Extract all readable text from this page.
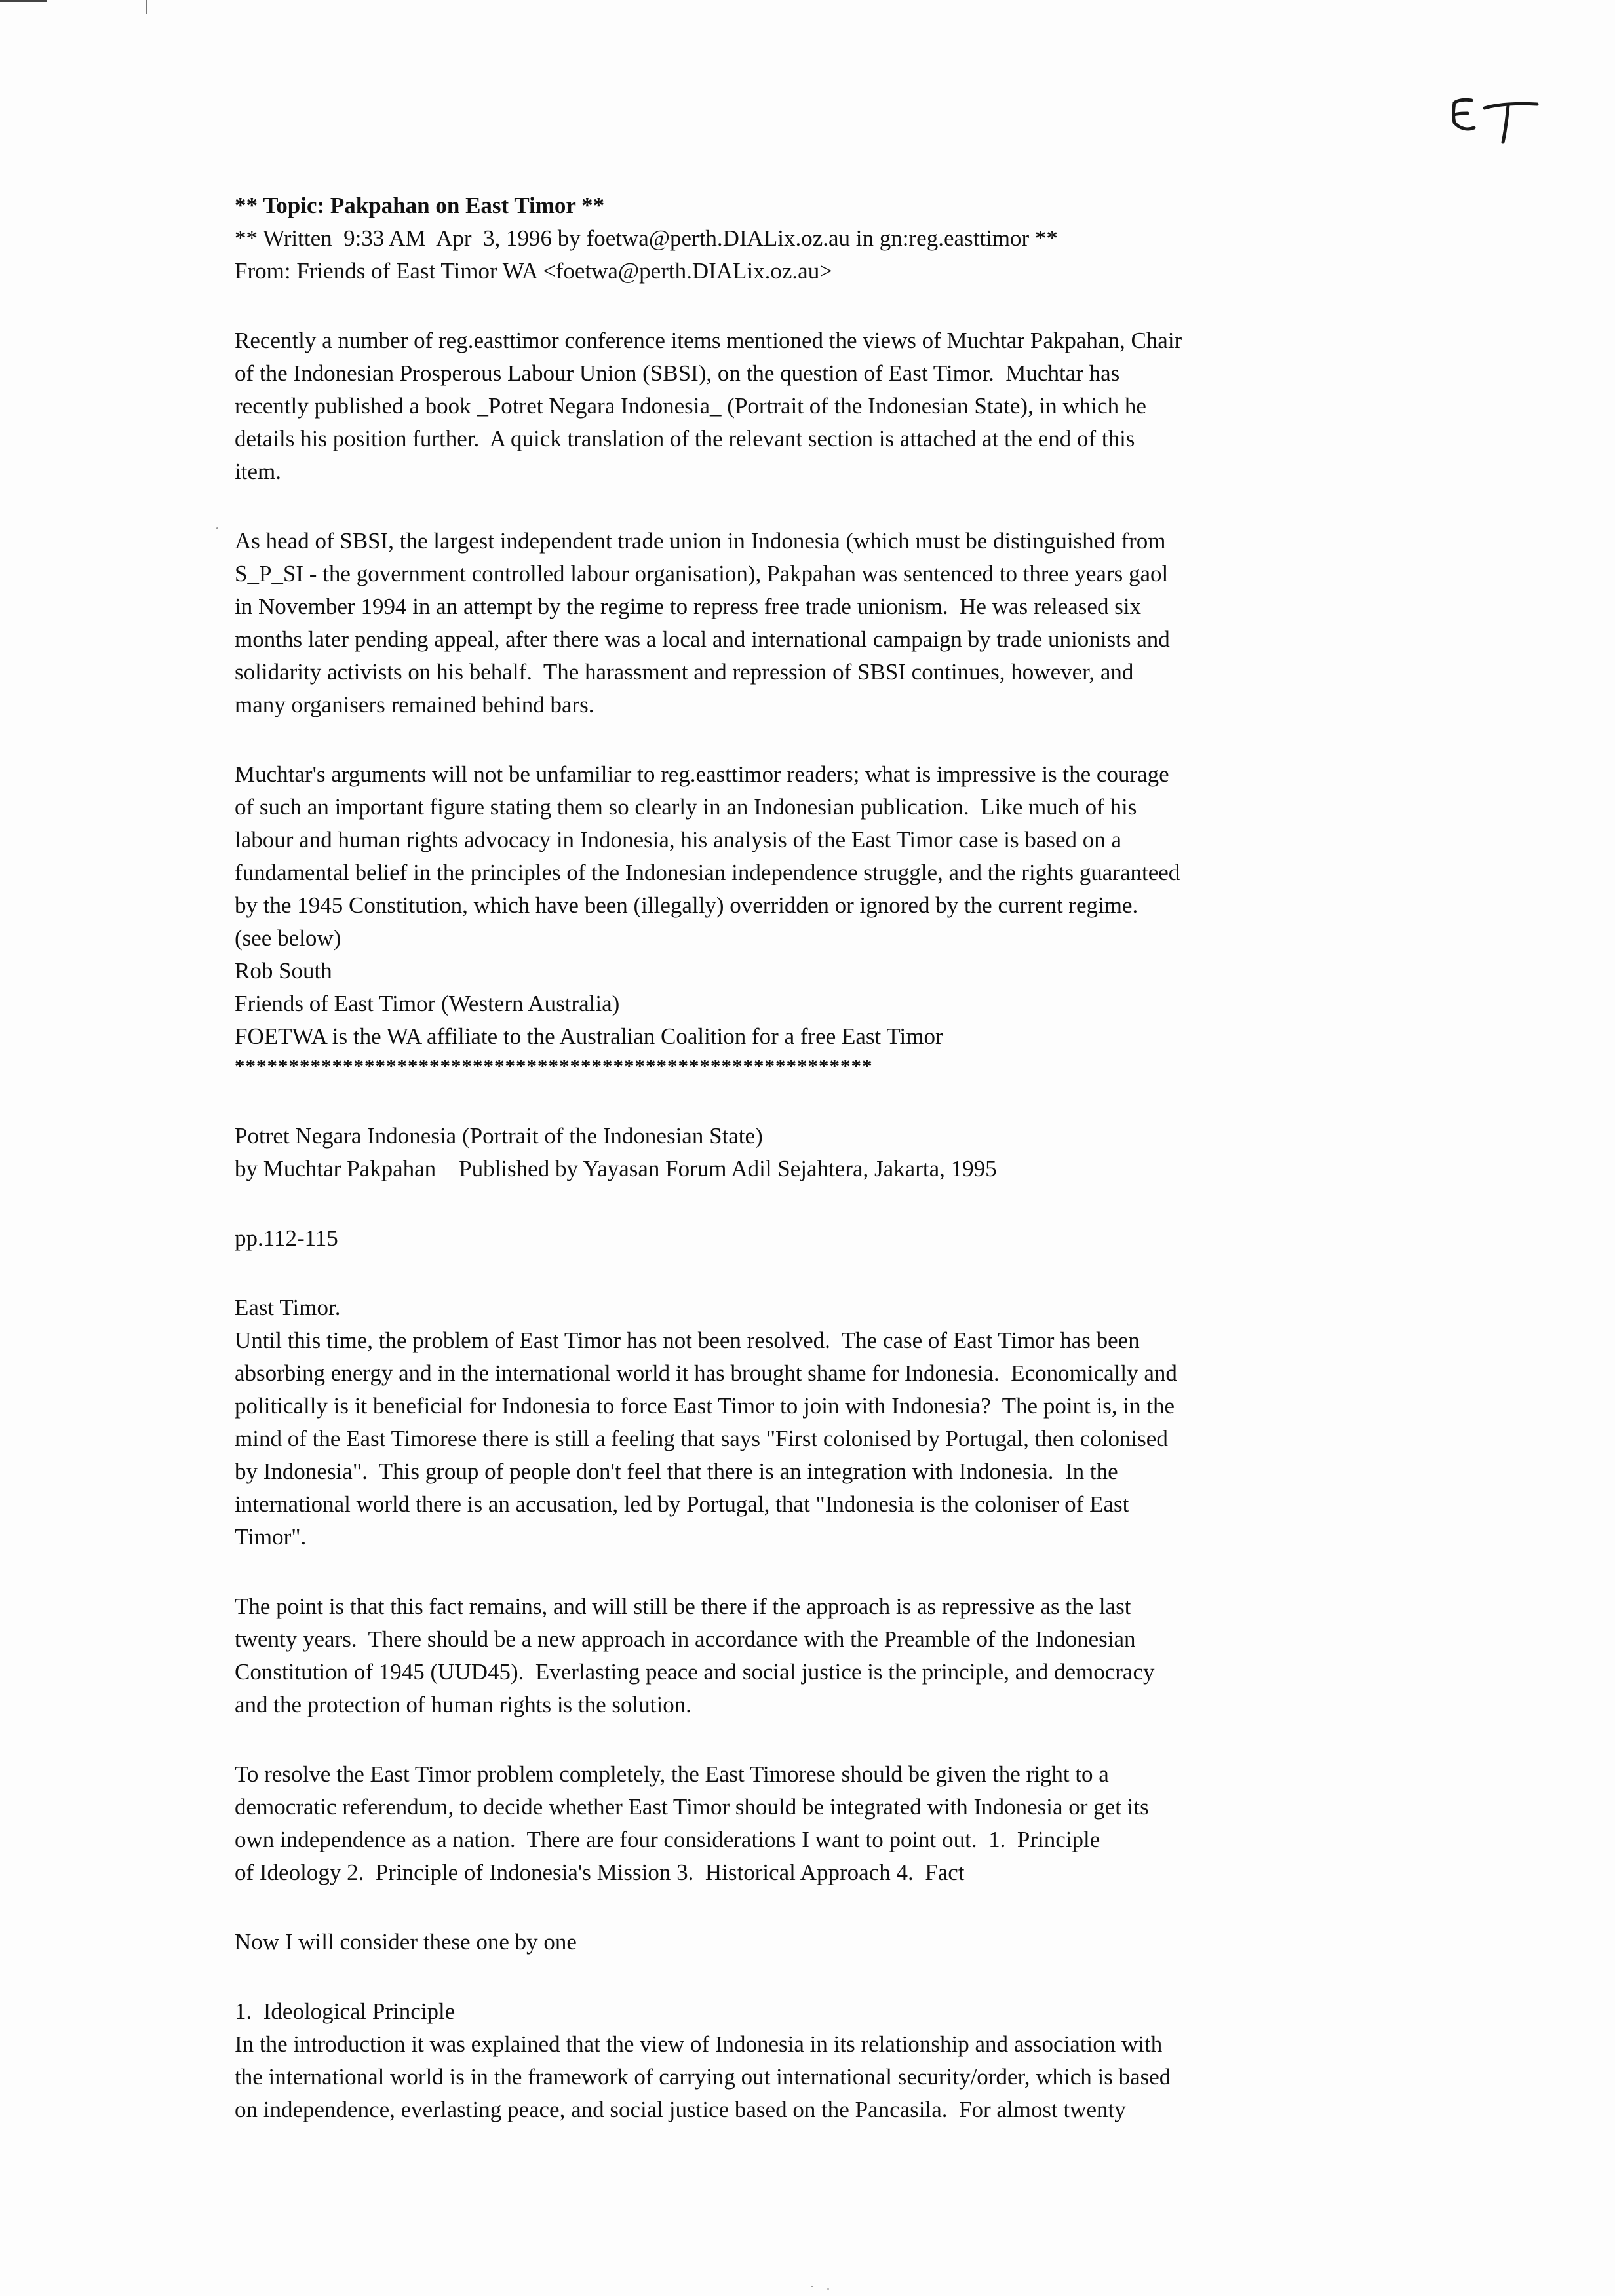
** Topic: Pakpahan on East Timor **
** Written  9:33 AM  Apr  3, 1996 by foetwa@perth.DIALix.oz.au in gn:reg.easttimor **
From: Friends of East Timor WA <foetwa@perth.DIALix.oz.au>
Recently a number of reg.easttimor conference items mentioned the views of Muchtar Pakpahan, Chair
of the Indonesian Prosperous Labour Union (SBSI), on the question of East Timor.  Muchtar has
recently published a book _Potret Negara Indonesia_ (Portrait of the Indonesian State), in which he
details his position further.  A quick translation of the relevant section is attached at the end of this
item.
As head of SBSI, the largest independent trade union in Indonesia (which must be distinguished from
S_P_SI - the government controlled labour organisation), Pakpahan was sentenced to three years gaol
in November 1994 in an attempt by the regime to repress free trade unionism.  He was released six
months later pending appeal, after there was a local and international campaign by trade unionists and
solidarity activists on his behalf.  The harassment and repression of SBSI continues, however, and
many organisers remained behind bars.
Muchtar's arguments will not be unfamiliar to reg.easttimor readers; what is impressive is the courage
of such an important figure stating them so clearly in an Indonesian publication.  Like much of his
labour and human rights advocacy in Indonesia, his analysis of the East Timor case is based on a
fundamental belief in the principles of the Indonesian independence struggle, and the rights guaranteed
by the 1945 Constitution, which have been (illegally) overridden or ignored by the current regime.
(see below)
Rob South
Friends of East Timor (Western Australia)
FOETWA is the WA affiliate to the Australian Coalition for a free East Timor
***********************************************************
Potret Negara Indonesia (Portrait of the Indonesian State)
by Muchtar Pakpahan    Published by Yayasan Forum Adil Sejahtera, Jakarta, 1995
pp.112-115
East Timor.
Until this time, the problem of East Timor has not been resolved.  The case of East Timor has been
absorbing energy and in the international world it has brought shame for Indonesia.  Economically and
politically is it beneficial for Indonesia to force East Timor to join with Indonesia?  The point is, in the
mind of the East Timorese there is still a feeling that says "First colonised by Portugal, then colonised
by Indonesia".  This group of people don't feel that there is an integration with Indonesia.  In the
international world there is an accusation, led by Portugal, that "Indonesia is the coloniser of East
Timor".
The point is that this fact remains, and will still be there if the approach is as repressive as the last
twenty years.  There should be a new approach in accordance with the Preamble of the Indonesian
Constitution of 1945 (UUD45).  Everlasting peace and social justice is the principle, and democracy
and the protection of human rights is the solution.
To resolve the East Timor problem completely, the East Timorese should be given the right to a
democratic referendum, to decide whether East Timor should be integrated with Indonesia or get its
own independence as a nation.  There are four considerations I want to point out.  1.  Principle
of Ideology 2.  Principle of Indonesia's Mission 3.  Historical Approach 4.  Fact
Now I will consider these one by one
1.  Ideological Principle
In the introduction it was explained that the view of Indonesia in its relationship and association with
the international world is in the framework of carrying out international security/order, which is based
on independence, everlasting peace, and social justice based on the Pancasila.  For almost twenty
